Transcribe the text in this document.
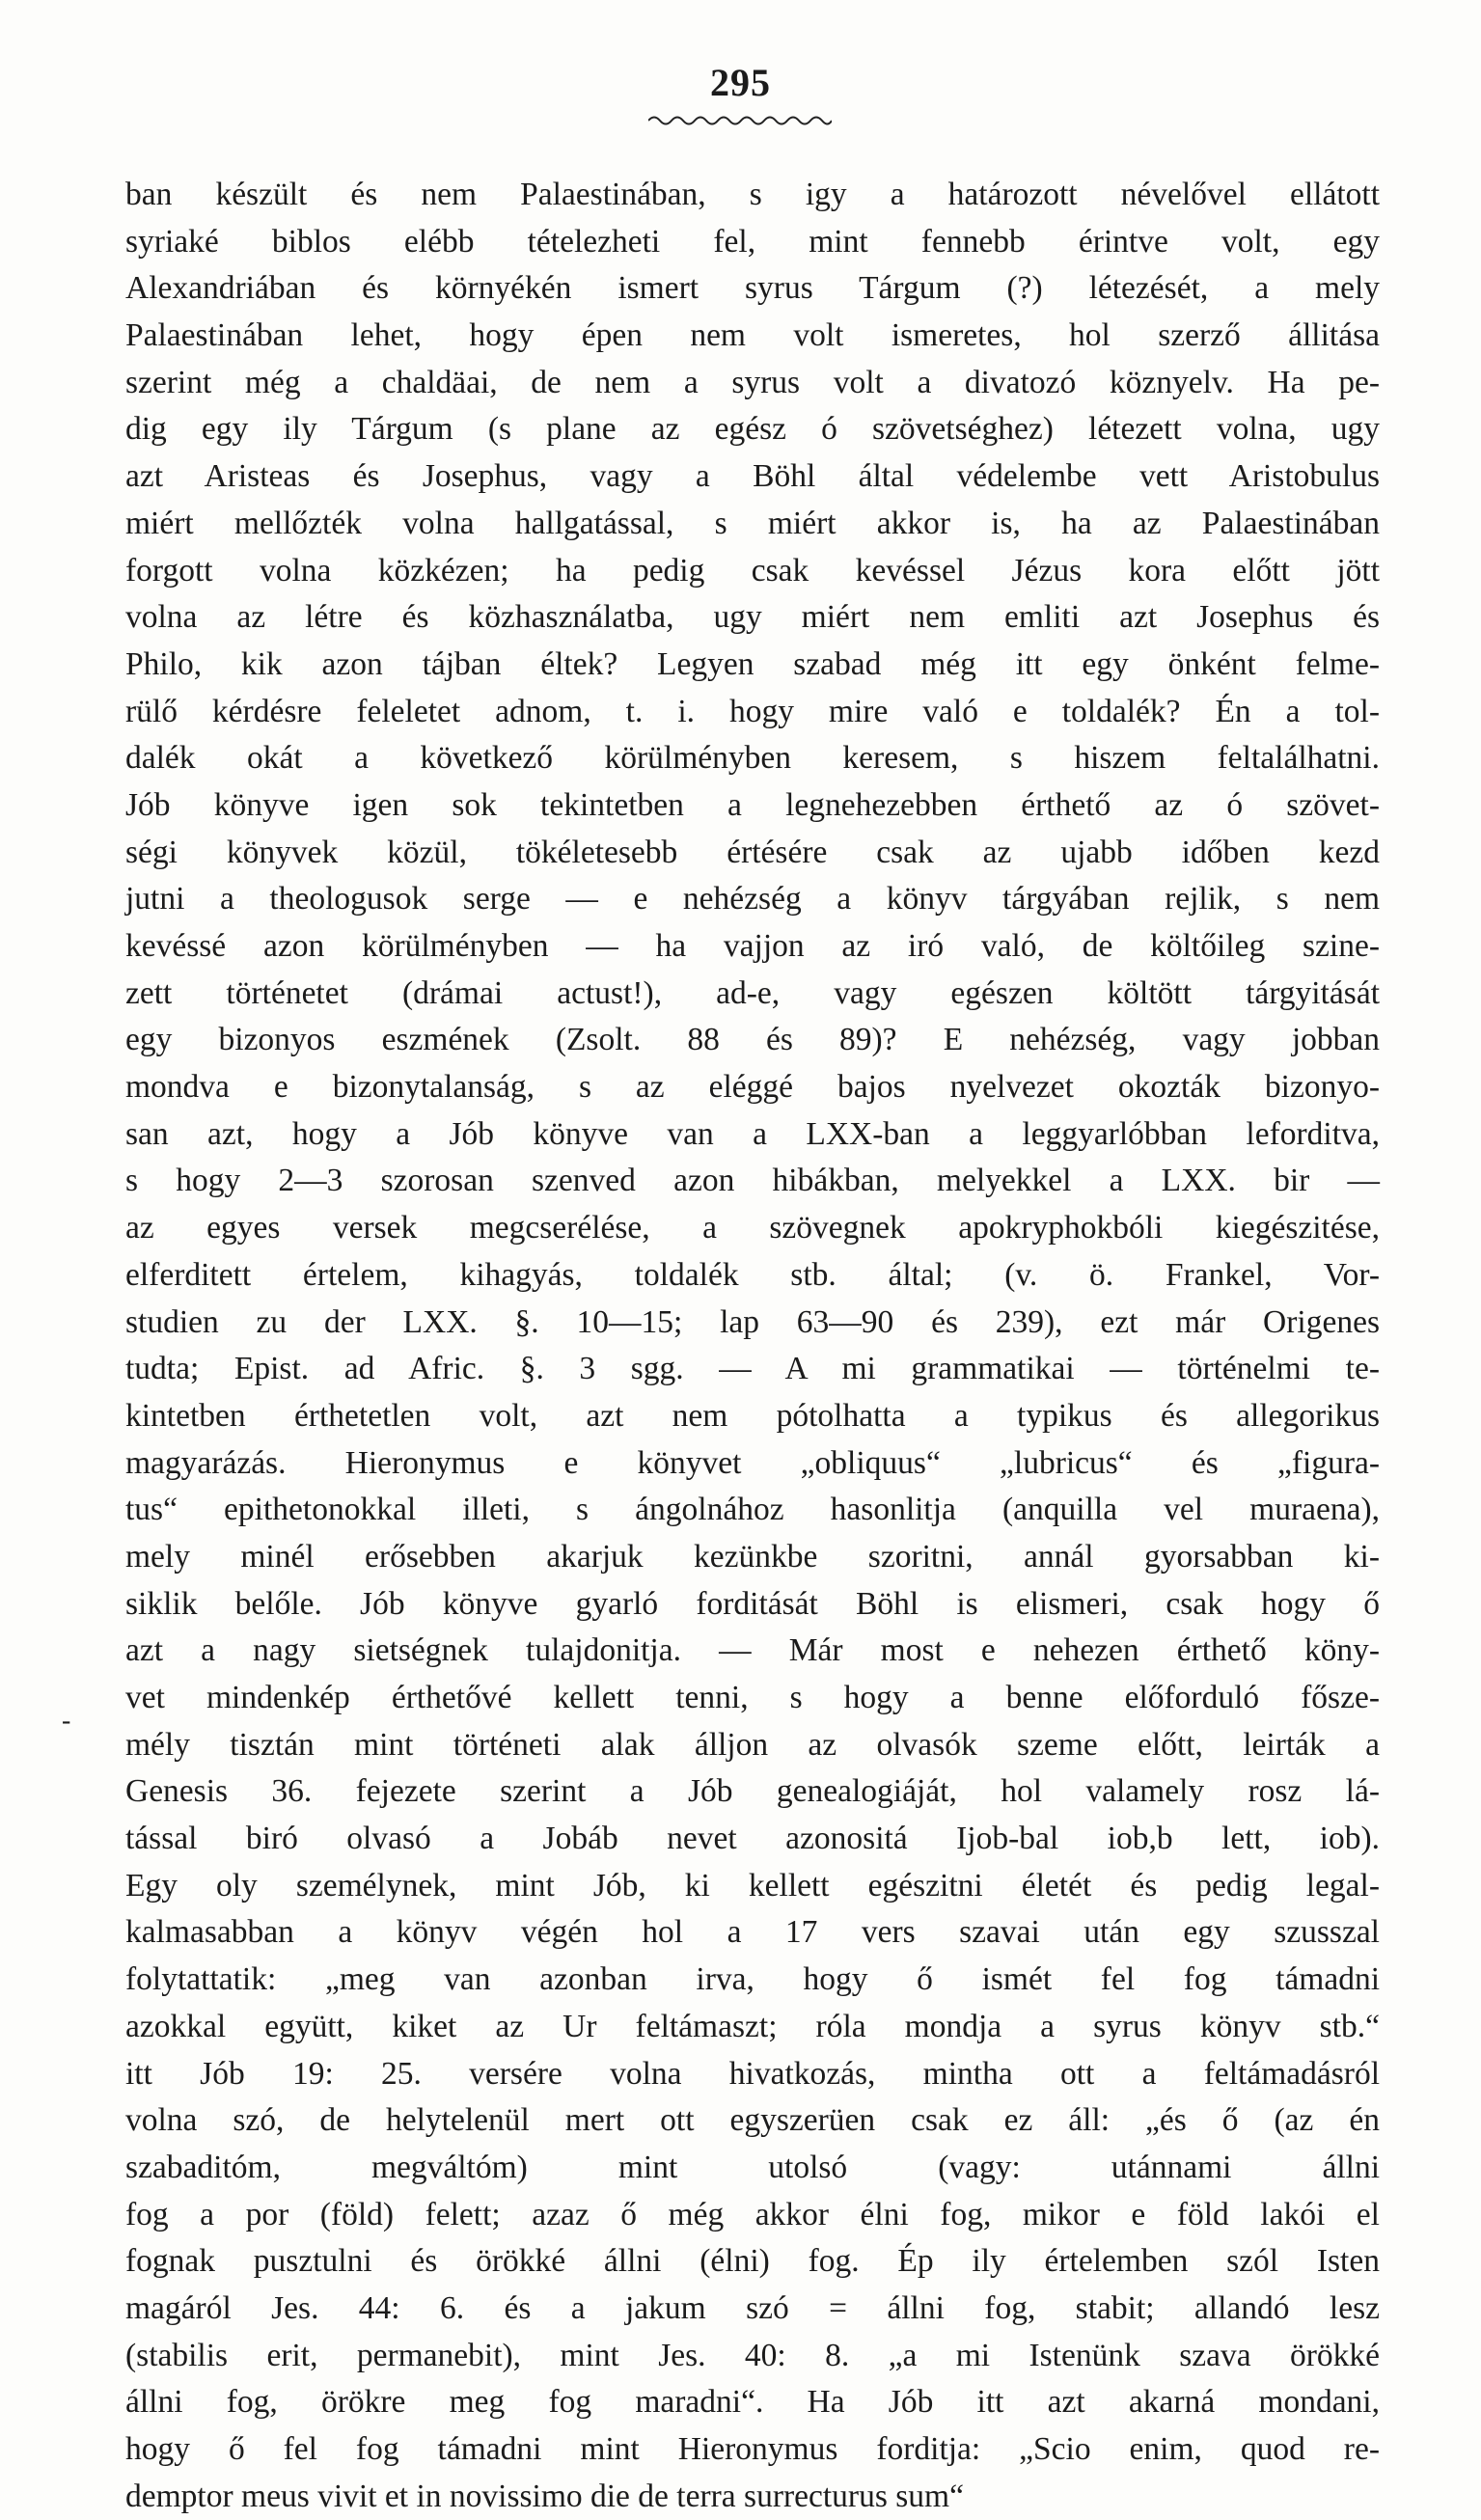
295
-
ban készült és nem Palaestinában, s igy a határozott névelővel ellátott
syriaké biblos elébb tételezheti fel, mint fennebb érintve volt, egy
Alexandriában és környékén ismert syrus Tárgum (?) létezését, a mely
Palaestinában lehet, hogy épen nem volt ismeretes, hol szerző állitása
szerint még a chaldäai, de nem a syrus volt a divatozó köznyelv. Ha pe-
dig egy ily Tárgum (s plane az egész ó szövetséghez) létezett volna, ugy
azt Aristeas és Josephus, vagy a Böhl által védelembe vett Aristobulus
miért mellőzték volna hallgatással, s miért akkor is, ha az Palaestinában
forgott volna közkézen; ha pedig csak kevéssel Jézus kora előtt jött
volna az létre és közhasználatba, ugy miért nem emliti azt Josephus és
Philo, kik azon tájban éltek? Legyen szabad még itt egy önként felme-
rülő kérdésre feleletet adnom, t. i. hogy mire való e toldalék? Én a tol-
dalék okát a következő körülményben keresem, s hiszem feltalálhatni.
Jób könyve igen sok tekintetben a legnehezebben érthető az ó szövet-
ségi könyvek közül, tökéletesebb értésére csak az ujabb időben kezd
jutni a theologusok serge — e nehézség a könyv tárgyában rejlik, s nem
kevéssé azon körülményben — ha vajjon az iró való, de költőileg szine-
zett történetet (drámai actust!), ad-e, vagy egészen költött tárgyitását
egy bizonyos eszmének (Zsolt. 88 és 89)? E nehézség, vagy jobban
mondva e bizonytalanság, s az eléggé bajos nyelvezet okozták bizonyo-
san azt, hogy a Jób könyve van a LXX-ban a leggyarlóbban leforditva,
s hogy 2—3 szorosan szenved azon hibákban, melyekkel a LXX. bir —
az egyes versek megcserélése, a szövegnek apokryphokbóli kiegészitése,
elferditett értelem, kihagyás, toldalék stb. által; (v. ö. Frankel, Vor-
studien zu der LXX. §. 10—15; lap 63—90 és 239), ezt már Origenes
tudta; Epist. ad Afric. §. 3 sgg. — A mi grammatikai — történelmi te-
kintetben érthetetlen volt, azt nem pótolhatta a typikus és allegorikus
magyarázás. Hieronymus e könyvet „obliquus“ „lubricus“ és „figura-
tus“ epithetonokkal illeti, s ángolnához hasonlitja (anquilla vel muraena),
mely minél erősebben akarjuk kezünkbe szoritni, annál gyorsabban ki-
siklik belőle. Jób könyve gyarló forditását Böhl is elismeri, csak hogy ő
azt a nagy sietségnek tulajdonitja. — Már most e nehezen érthető köny-
vet mindenkép érthetővé kellett tenni, s hogy a benne előforduló fősze-
mély tisztán mint történeti alak álljon az olvasók szeme előtt, leirták a
Genesis 36. fejezete szerint a Jób genealogiáját, hol valamely rosz lá-
tással biró olvasó a Jobáb nevet azonositá Ijob-bal iob,b lett, iob).
Egy oly személynek, mint Jób, ki kellett egészitni életét és pedig legal-
kalmasabban a könyv végén hol a 17 vers szavai után egy szusszal
folytattatik: „meg van azonban irva, hogy ő ismét fel fog támadni
azokkal együtt, kiket az Ur feltámaszt; róla mondja a syrus könyv stb.“
itt Jób 19: 25. versére volna hivatkozás, mintha ott a feltámadásról
volna szó, de helytelenül mert ott egyszerüen csak ez áll: „és ő (az én
szabaditóm, megváltóm) mint utolsó (vagy: utánnami állni
fog a por (föld) felett; azaz ő még akkor élni fog, mikor e föld lakói el
fognak pusztulni és örökké állni (élni) fog. Ép ily értelemben szól Isten
magáról Jes. 44: 6. és a jakum szó = állni fog, stabit; allandó lesz
(stabilis erit, permanebit), mint Jes. 40: 8. „a mi Istenünk szava örökké
állni fog, örökre meg fog maradni“. Ha Jób itt azt akarná mondani,
hogy ő fel fog támadni mint Hieronymus forditja: „Scio enim, quod re-
demptor meus vivit et in novissimo die de terra surrecturus sum“
